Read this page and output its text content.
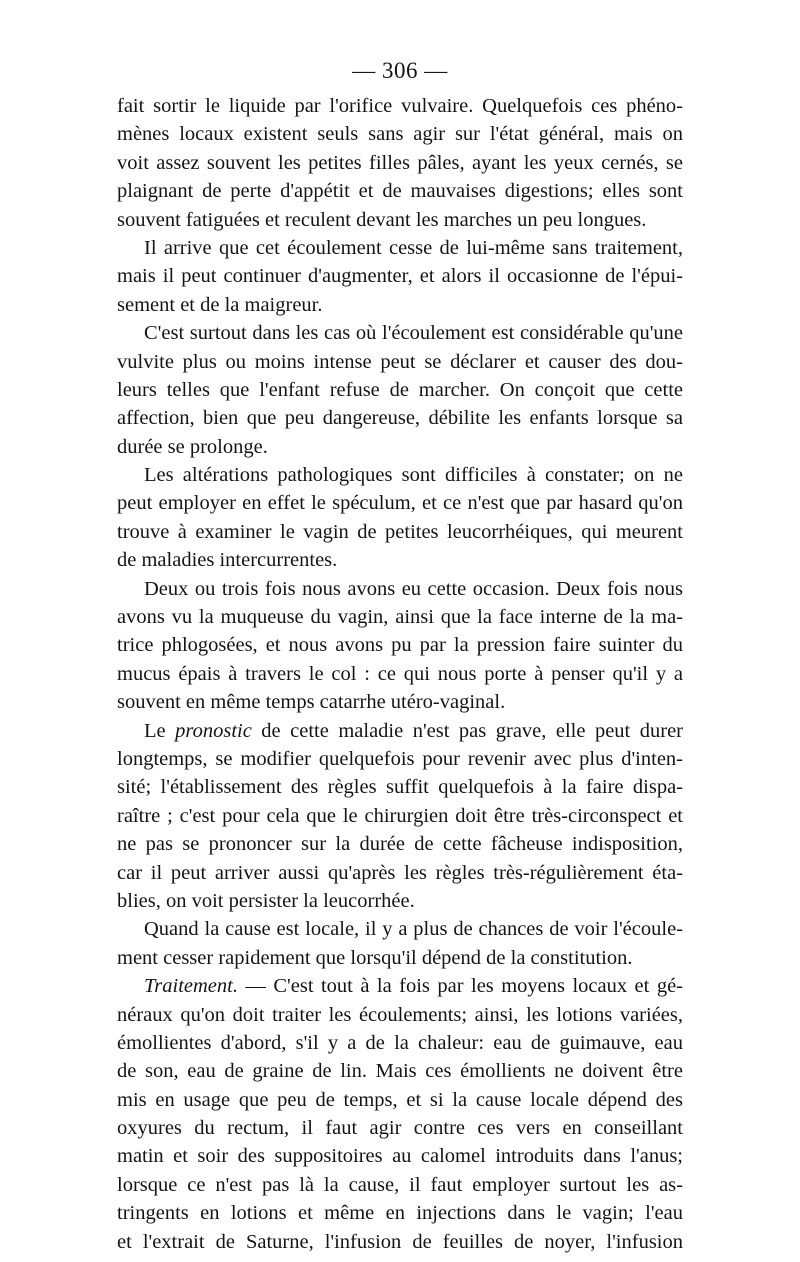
— 306 —
fait sortir le liquide par l'orifice vulvaire. Quelquefois ces phéno-
mènes locaux existent seuls sans agir sur l'état général, mais on
voit assez souvent les petites filles pâles, ayant les yeux cernés, se
plaignant de perte d'appétit et de mauvaises digestions; elles sont
souvent fatiguées et reculent devant les marches un peu longues.
Il arrive que cet écoulement cesse de lui-même sans traitement,
mais il peut continuer d'augmenter, et alors il occasionne de l'épui-
sement et de la maigreur.
C'est surtout dans les cas où l'écoulement est considérable qu'une
vulvite plus ou moins intense peut se déclarer et causer des dou-
leurs telles que l'enfant refuse de marcher. On conçoit que cette
affection, bien que peu dangereuse, débilite les enfants lorsque sa
durée se prolonge.
Les altérations pathologiques sont difficiles à constater; on ne
peut employer en effet le spéculum, et ce n'est que par hasard qu'on
trouve à examiner le vagin de petites leucorrhéiques, qui meurent
de maladies intercurrentes.
Deux ou trois fois nous avons eu cette occasion. Deux fois nous
avons vu la muqueuse du vagin, ainsi que la face interne de la ma-
trice phlogosées, et nous avons pu par la pression faire suinter du
mucus épais à travers le col : ce qui nous porte à penser qu'il y a
souvent en même temps catarrhe utéro-vaginal.
Le pronostic de cette maladie n'est pas grave, elle peut durer
longtemps, se modifier quelquefois pour revenir avec plus d'inten-
sité; l'établissement des règles suffit quelquefois à la faire dispa-
raître ; c'est pour cela que le chirurgien doit être très-circonspect et
ne pas se prononcer sur la durée de cette fâcheuse indisposition,
car il peut arriver aussi qu'après les règles très-régulièrement éta-
blies, on voit persister la leucorrhée.
Quand la cause est locale, il y a plus de chances de voir l'écoule-
ment cesser rapidement que lorsqu'il dépend de la constitution.
Traitement. — C'est tout à la fois par les moyens locaux et gé-
néraux qu'on doit traiter les écoulements; ainsi, les lotions variées,
émollientes d'abord, s'il y a de la chaleur: eau de guimauve, eau
de son, eau de graine de lin. Mais ces émollients ne doivent être
mis en usage que peu de temps, et si la cause locale dépend des
oxyures du rectum, il faut agir contre ces vers en conseillant
matin et soir des suppositoires au calomel introduits dans l'anus;
lorsque ce n'est pas là la cause, il faut employer surtout les as-
tringents en lotions et même en injections dans le vagin; l'eau
et l'extrait de Saturne, l'infusion de feuilles de noyer, l'infusion
